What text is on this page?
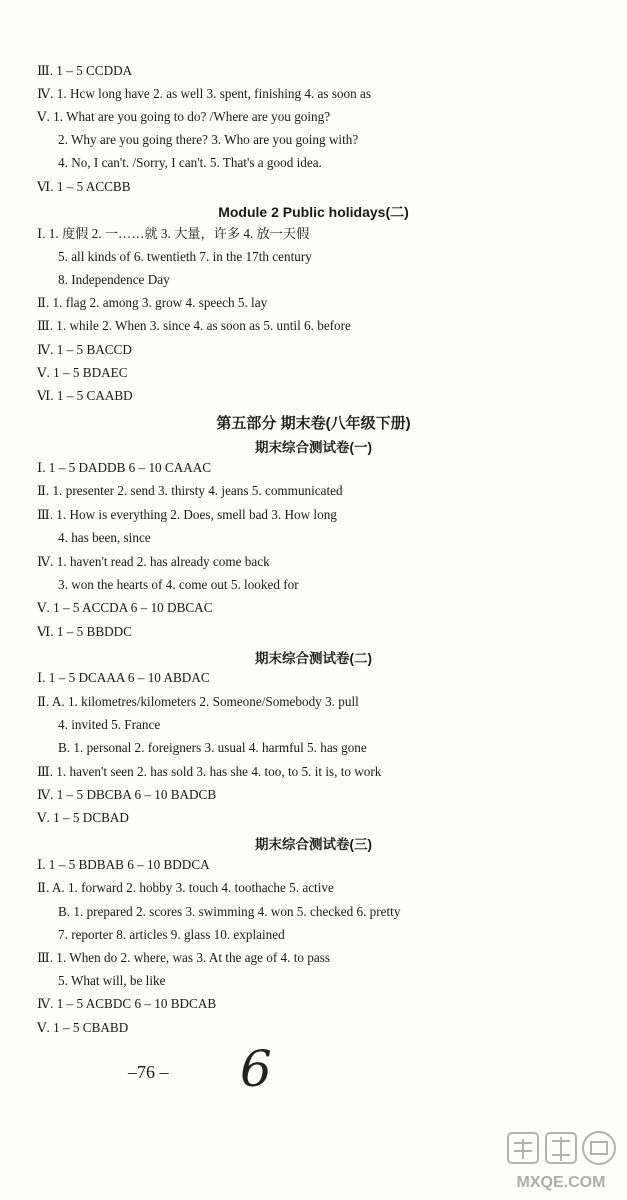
Ⅲ. 1 – 5 CCDDA
Ⅳ. 1. Hcw long have 2. as well 3. spent, finishing 4. as soon as
Ⅴ. 1. What are you going to do? /Where are you going?
2. Why are you going there? 3. Who are you going with?
4. No, I can't. /Sorry, I can't. 5. That's a good idea.
Ⅵ. 1 – 5 ACCBB
Module 2 Public holidays(二)
Ⅰ. 1. 度假 2. 一……就 3. 大量，许多 4. 放一天假
5. all kinds of 6. twentieth 7. in the 17th century
8. Independence Day
Ⅱ. 1. flag 2. among 3. grow 4. speech 5. lay
Ⅲ. 1. while 2. When 3. since 4. as soon as 5. until 6. before
Ⅳ. 1 – 5 BACCD
Ⅴ. 1 – 5 BDAEC
Ⅵ. 1 – 5 CAABD
第五部分 期末卷(八年级下册)
期末综合测试卷(一)
Ⅰ. 1 – 5 DADDB 6 – 10 CAAAC
Ⅱ. 1. presenter 2. send 3. thirsty 4. jeans 5. communicated
Ⅲ. 1. How is everything 2. Does, smell bad 3. How long
4. has been, since
Ⅳ. 1. haven't read 2. has already come back
3. won the hearts of 4. come out 5. looked for
Ⅴ. 1 – 5 ACCDA 6 – 10 DBCAC
Ⅵ. 1 – 5 BBDDC
期末综合测试卷(二)
Ⅰ. 1 – 5 DCAAA 6 – 10 ABDAC
Ⅱ. A. 1. kilometres/kilometers 2. Someone/Somebody 3. pull
4. invited 5. France
B. 1. personal 2. foreigners 3. usual 4. harmful 5. has gone
Ⅲ. 1. haven't seen 2. has sold 3. has she 4. too, to 5. it is, to work
Ⅳ. 1 – 5 DBCBA 6 – 10 BADCB
Ⅴ. 1 – 5 DCBAD
期末综合测试卷(三)
Ⅰ. 1 – 5 BDBAB 6 – 10 BDDCA
Ⅱ. A. 1. forward 2. hobby 3. touch 4. toothache 5. active
B. 1. prepared 2. scores 3. swimming 4. won 5. checked 6. pretty
7. reporter 8. articles 9. glass 10. explained
Ⅲ. 1. When do 2. where, was 3. At the age of 4. to pass
5. What will, be like
Ⅳ. 1 – 5 ACBDC 6 – 10 BDCAB
Ⅴ. 1 – 5 CBABD
–76 – 6
MXQE.COM
